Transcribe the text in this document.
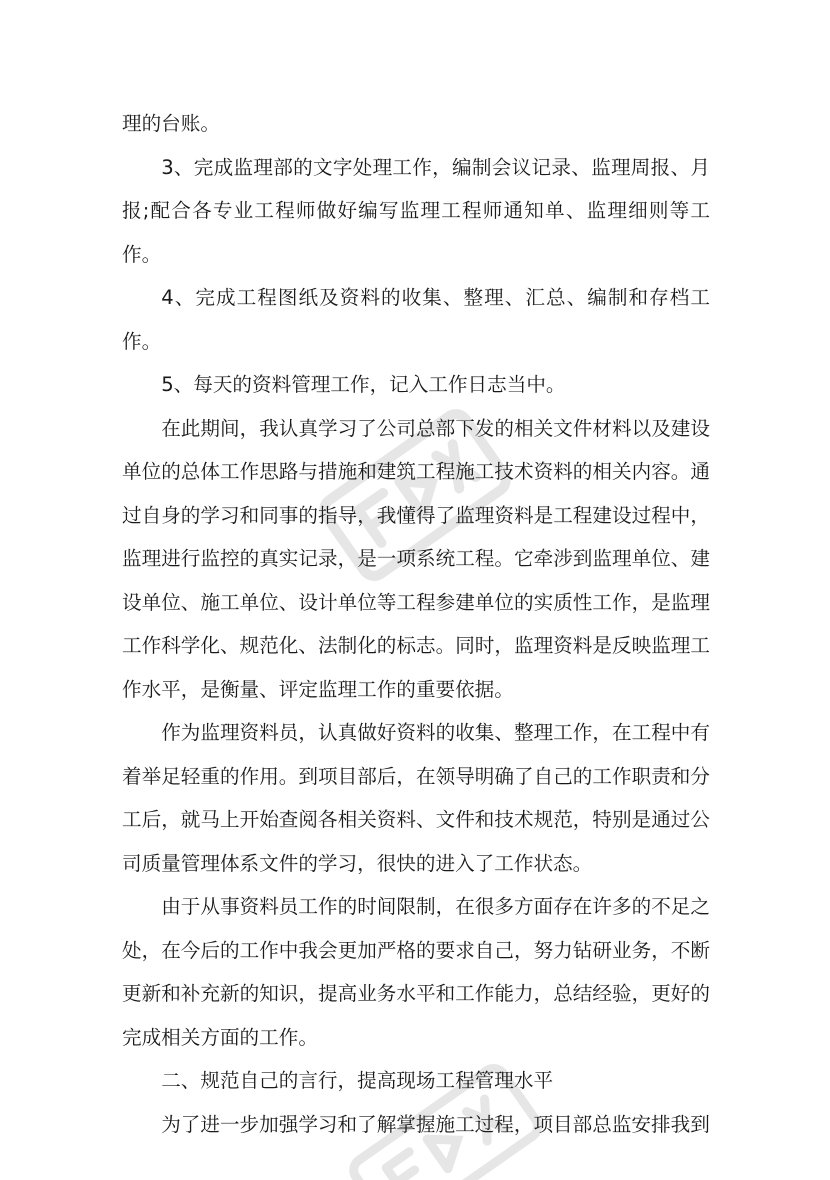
理的台账。

3、完成监理部的文字处理工作，编制会议记录、监理周报、月报;配合各专业工程师做好编写监理工程师通知单、监理细则等工作。

4、完成工程图纸及资料的收集、整理、汇总、编制和存档工作。

5、每天的资料管理工作，记入工作日志当中。

在此期间，我认真学习了公司总部下发的相关文件材料以及建设单位的总体工作思路与措施和建筑工程施工技术资料的相关内容。通过自身的学习和同事的指导，我懂得了监理资料是工程建设过程中，监理进行监控的真实记录，是一项系统工程。它牵涉到监理单位、建设单位、施工单位、设计单位等工程参建单位的实质性工作，是监理工作科学化、规范化、法制化的标志。同时，监理资料是反映监理工作水平，是衡量、评定监理工作的重要依据。

作为监理资料员，认真做好资料的收集、整理工作，在工程中有着举足轻重的作用。到项目部后，在领导明确了自己的工作职责和分工后，就马上开始查阅各相关资料、文件和技术规范，特别是通过公司质量管理体系文件的学习，很快的进入了工作状态。

由于从事资料员工作的时间限制，在很多方面存在许多的不足之处，在今后的工作中我会更加严格的要求自己，努力钻研业务，不断更新和补充新的知识，提高业务水平和工作能力，总结经验，更好的完成相关方面的工作。

二、规范自己的言行，提高现场工程管理水平

为了进一步加强学习和了解掌握施工过程，项目部总监安排我到
